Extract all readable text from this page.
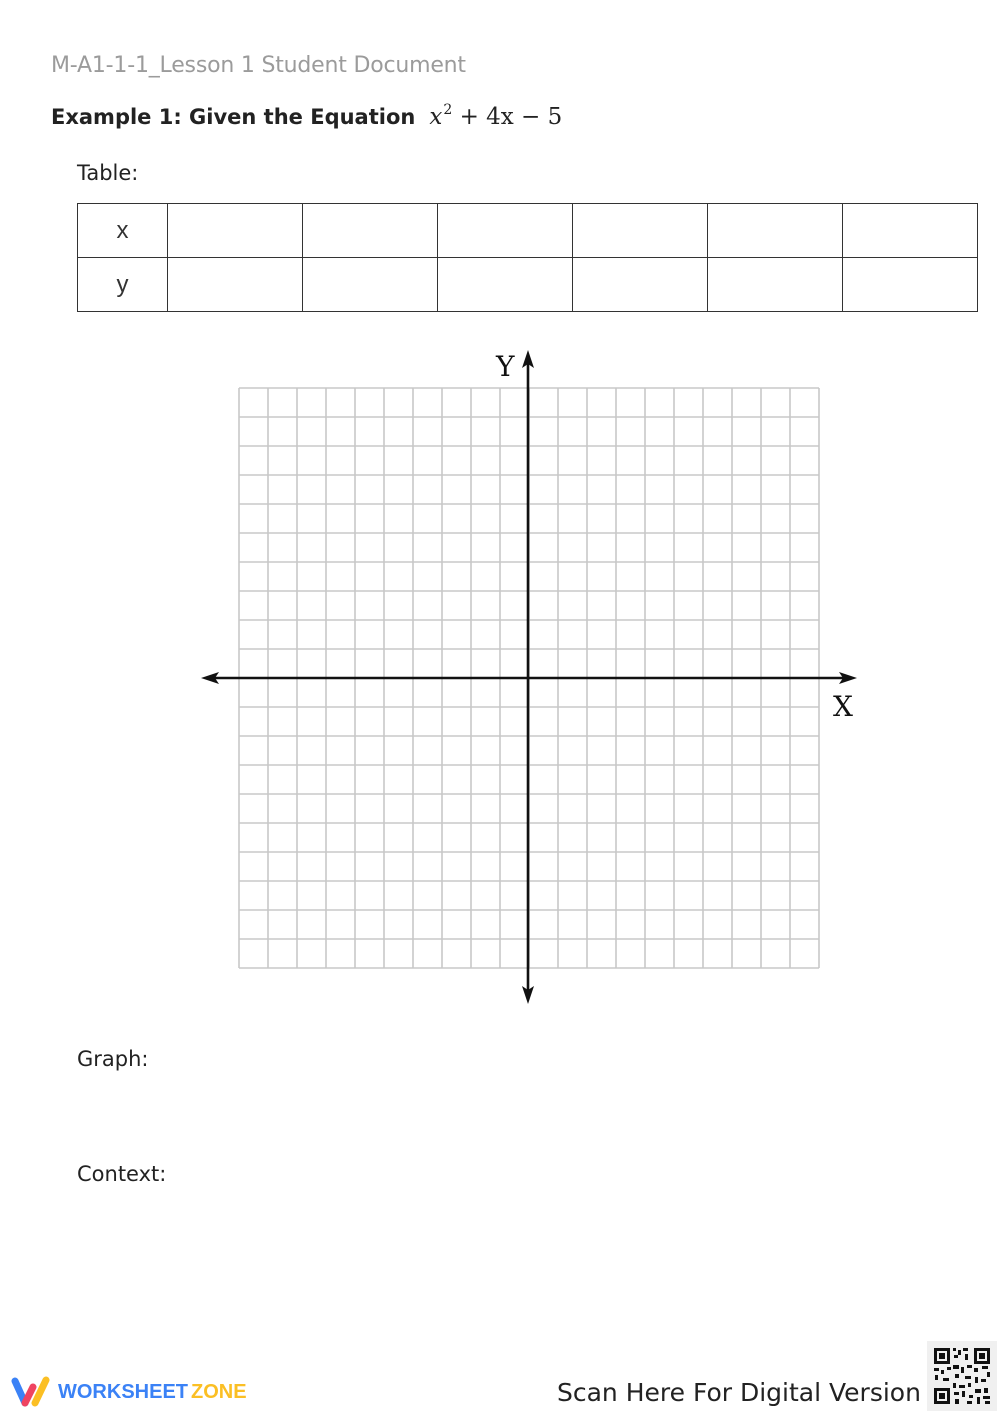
M-A1-1-1_Lesson 1 Student Document
Example 1: Given the Equation $x^2 + 4x - 5$
Table:
x						
y						
Y
X
Graph:
Context:
WORKSHEET ZONE	Scan Here For Digital Version
